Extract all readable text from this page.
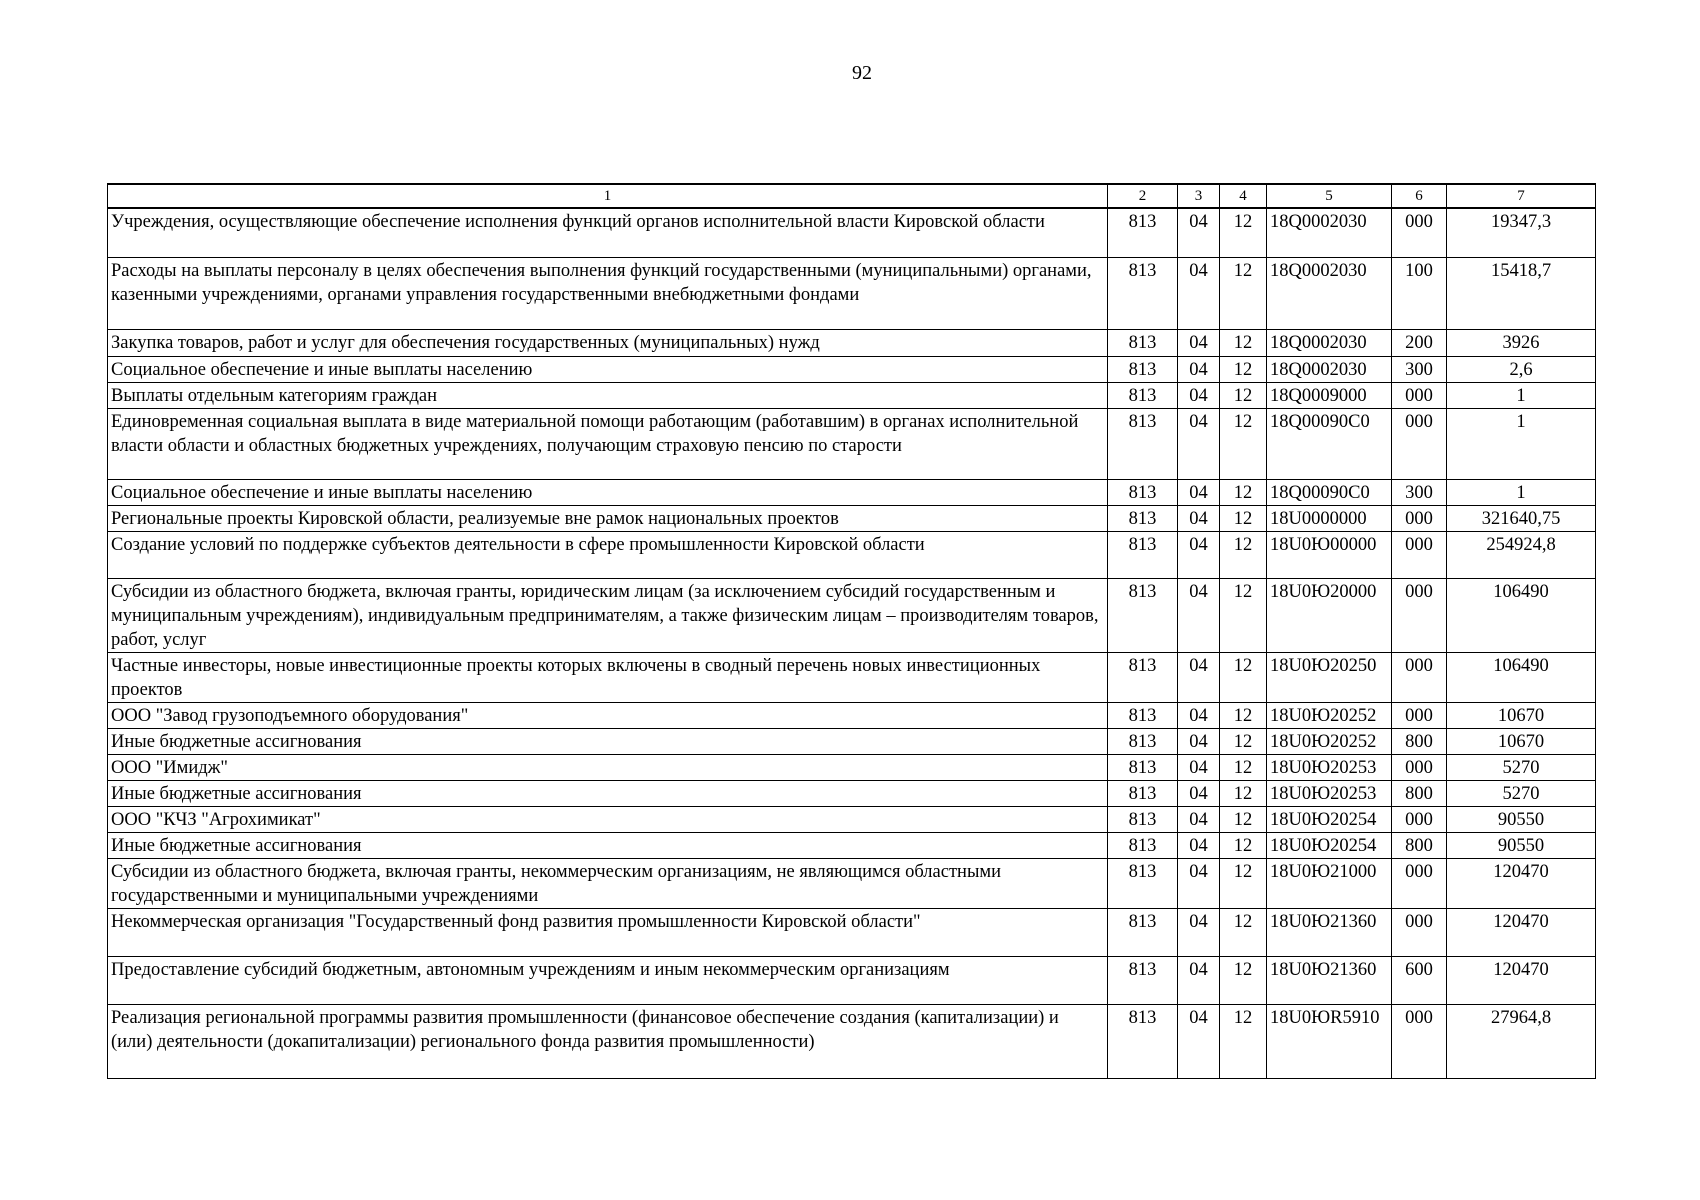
92
1	2	3	4	5	6	7
Учреждения, осуществляющие обеспечение исполнения функций органов исполнительной власти Кировской области	813	04	12	18Q0002030	000	19347,3
Расходы на выплаты персоналу в целях обеспечения выполнения функций государственными (муниципальными) органами, казенными учреждениями, органами управления государственными внебюджетными фондами	813	04	12	18Q0002030	100	15418,7
Закупка товаров, работ и услуг для обеспечения государственных (муниципальных) нужд	813	04	12	18Q0002030	200	3926
Социальное обеспечение и иные выплаты населению	813	04	12	18Q0002030	300	2,6
Выплаты отдельным категориям граждан	813	04	12	18Q0009000	000	1
Единовременная социальная выплата в виде материальной помощи работающим (работавшим) в органах исполнительной власти области и областных бюджетных учреждениях, получающим страховую пенсию по старости	813	04	12	18Q00090C0	000	1
Социальное обеспечение и иные выплаты населению	813	04	12	18Q00090C0	300	1
Региональные проекты Кировской области, реализуемые вне рамок национальных проектов	813	04	12	18U0000000	000	321640,75
Создание условий по поддержке субъектов деятельности в сфере промышленности Кировской области	813	04	12	18U0Ю00000	000	254924,8
Субсидии из областного бюджета, включая гранты, юридическим лицам (за исключением субсидий государственным и муниципальным учреждениям), индивидуальным предпринимателям, а также физическим лицам – производителям товаров, работ, услуг	813	04	12	18U0Ю20000	000	106490
Частные инвесторы, новые инвестиционные проекты которых включены в сводный перечень новых инвестиционных проектов	813	04	12	18U0Ю20250	000	106490
ООО "Завод грузоподъемного оборудования"	813	04	12	18U0Ю20252	000	10670
Иные бюджетные ассигнования	813	04	12	18U0Ю20252	800	10670
ООО "Имидж"	813	04	12	18U0Ю20253	000	5270
Иные бюджетные ассигнования	813	04	12	18U0Ю20253	800	5270
ООО "КЧЗ "Агрохимикат"	813	04	12	18U0Ю20254	000	90550
Иные бюджетные ассигнования	813	04	12	18U0Ю20254	800	90550
Субсидии из областного бюджета, включая гранты, некоммерческим организациям, не являющимся областными государственными и муниципальными учреждениями	813	04	12	18U0Ю21000	000	120470
Некоммерческая организация "Государственный фонд развития промышленности Кировской области"	813	04	12	18U0Ю21360	000	120470
Предоставление субсидий бюджетным, автономным учреждениям и иным некоммерческим организациям	813	04	12	18U0Ю21360	600	120470
Реализация региональной программы развития промышленности (финансовое обеспечение создания (капитализации) и (или) деятельности (докапитализации) регионального фонда развития промышленности)	813	04	12	18U0ЮR5910	000	27964,8
